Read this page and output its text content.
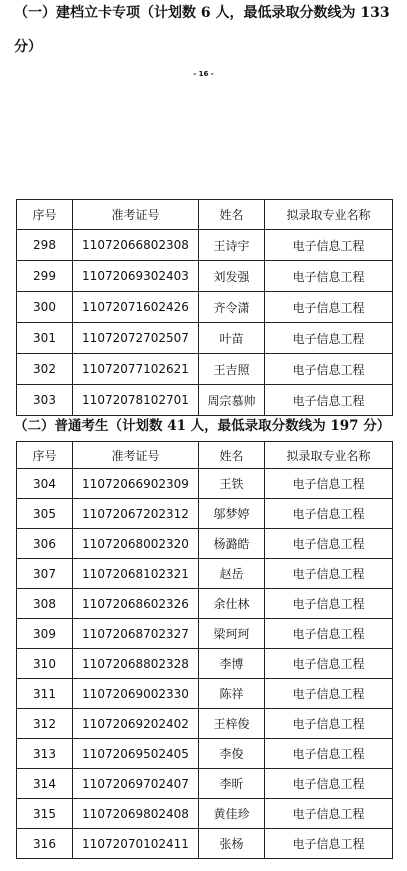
（一）建档立卡专项（计划数 6 人，最低录取分数线为 133
分）
- 16 -
序号	准考证号	姓名	拟录取专业名称
298	11072066802308	王诗宇	电子信息工程
299	11072069302403	刘发强	电子信息工程
300	11072071602426	齐令潇	电子信息工程
301	11072072702507	叶苗	电子信息工程
302	11072077102621	王吉照	电子信息工程
303	11072078102701	周宗慕帅	电子信息工程
（二）普通考生（计划数 41 人，最低录取分数线为 197 分）
序号	准考证号	姓名	拟录取专业名称
304	11072066902309	王铁	电子信息工程
305	11072067202312	邬梦婷	电子信息工程
306	11072068002320	杨潞皓	电子信息工程
307	11072068102321	赵岳	电子信息工程
308	11072068602326	余仕林	电子信息工程
309	11072068702327	梁珂珂	电子信息工程
310	11072068802328	李博	电子信息工程
311	11072069002330	陈祥	电子信息工程
312	11072069202402	王梓俊	电子信息工程
313	11072069502405	李俊	电子信息工程
314	11072069702407	李昕	电子信息工程
315	11072069802408	黄佳珍	电子信息工程
316	11072070102411	张杨	电子信息工程
